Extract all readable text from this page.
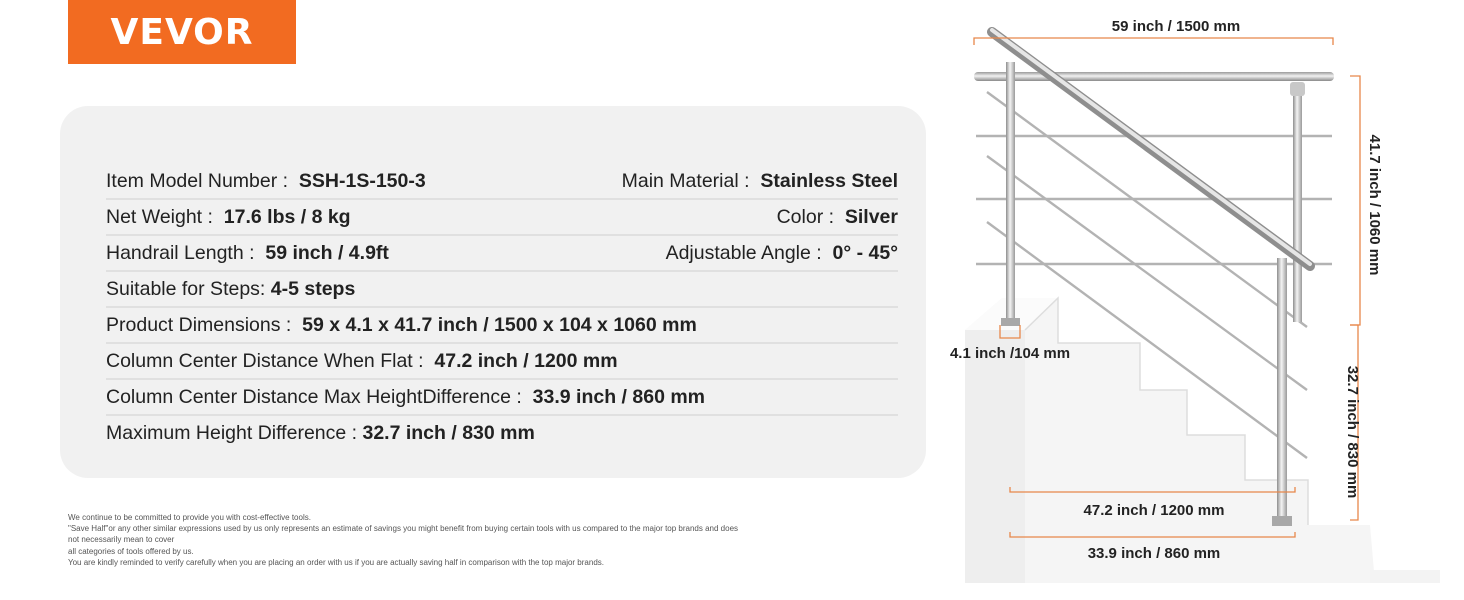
VEVOR
Item Model Number : SSH-1S-150-3	Main Material : Stainless Steel
Net Weight : 17.6 lbs / 8 kg	Color : Silver
Handrail Length : 59 inch / 4.9ft	Adjustable Angle : 0° - 45°
Suitable for Steps: 4-5 steps
Product Dimensions : 59 x 4.1 x 41.7 inch / 1500 x 104 x 1060 mm
Column Center Distance When Flat : 47.2 inch / 1200 mm
Column Center Distance Max HeightDifference : 33.9 inch / 860 mm
Maximum Height Difference : 32.7 inch / 830 mm
We continue to be committed to provide you with cost-effective tools.
"Save Half"or any other similar expressions used by us only represents an estimate of savings you might benefit from buying certain tools with us compared to the major top brands and does
not necessarily mean to cover
all categories of tools offered by us.
You are kindly reminded to verify carefully when you are placing an order with us if you are actually saving half in comparison with the top major brands.
59 inch / 1500 mm
41.7 inch / 1060 mm
32.7 inch / 830 mm
4.1 inch /104 mm
47.2 inch / 1200 mm
33.9 inch / 860 mm
